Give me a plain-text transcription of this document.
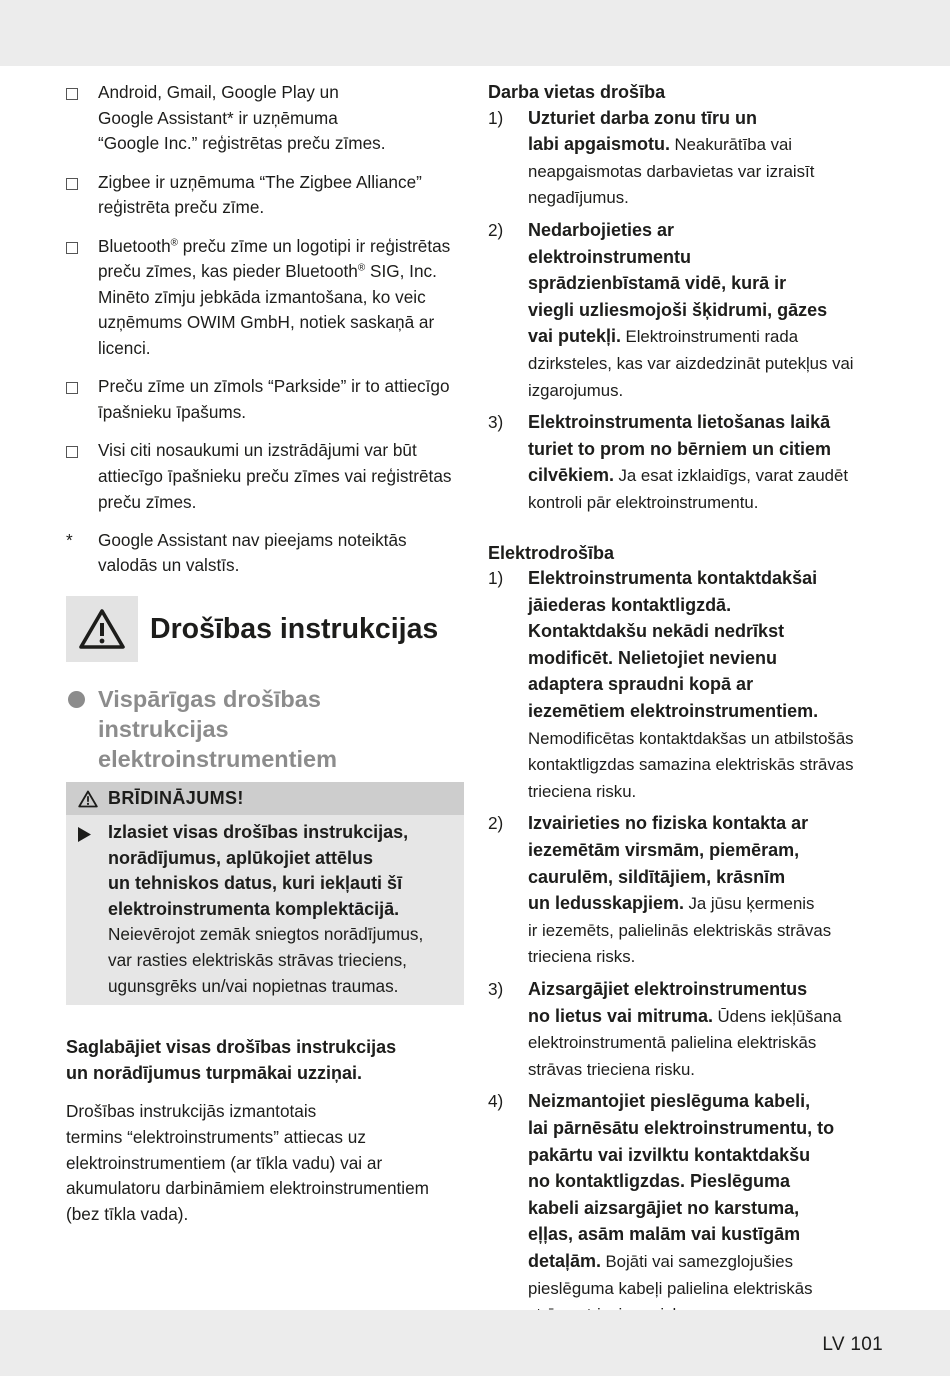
Android, Gmail, Google Play un
Google Assistant* ir uzņēmuma
“Google Inc.” reģistrētas preču zīmes.
Zigbee ir uzņēmuma “The Zigbee Alliance”
reģistrēta preču zīme.
Bluetooth® preču zīme un logotipi ir reģistrētas
preču zīmes, kas pieder Bluetooth® SIG, Inc.
Minēto zīmju jebkāda izmantošana, ko veic
uzņēmums OWIM GmbH, notiek saskaņā ar
licenci.
Preču zīme un zīmols “Parkside” ir to attiecīgo
īpašnieku īpašums.
Visi citi nosaukumi un izstrādājumi var būt
attiecīgo īpašnieku preču zīmes vai reģistrētas
preču zīmes.
*	Google Assistant nav pieejams noteiktās
valodās un valstīs.
Drošības instrukcijas
Vispārīgas drošības
instrukcijas
elektroinstrumentiem
BRĪDINĀJUMS!
Izlasiet visas drošības instrukcijas,
norādījumus, aplūkojiet attēlus
un tehniskos datus, kuri iekļauti šī
elektroinstrumenta komplektācijā.
Neievērojot zemāk sniegtos norādījumus,
var rasties elektriskās strāvas trieciens,
ugunsgrēks un/vai nopietnas traumas.
Saglabājiet visas drošības instrukcijas
un norādījumus turpmākai uzziņai.
Drošības instrukcijās izmantotais
termins “elektroinstruments” attiecas uz
elektroinstrumentiem (ar tīkla vadu) vai ar
akumulatoru darbināmiem elektroinstrumentiem
(bez tīkla vada).
Darba vietas drošība
1) Uzturiet darba zonu tīru un
labi apgaismotu. Neakurātība vai
neapgaismotas darbavietas var izraisīt
negadījumus.
2) Nedarbojieties ar
elektroinstrumentu
sprādzienbīstamā vidē, kurā ir
viegli uzliesmojoši šķidrumi, gāzes
vai putekļi. Elektroinstrumenti rada
dzirksteles, kas var aizdedzināt putekļus vai
izgarojumus.
3) Elektroinstrumenta lietošanas laikā
turiet to prom no bērniem un citiem
cilvēkiem. Ja esat izklaidīgs, varat zaudēt
kontroli pār elektroinstrumentu.
Elektrodrošība
1) Elektroinstrumenta kontaktdakšai
jāiederas kontaktligzdā.
Kontaktdakšu nekādi nedrīkst
modificēt. Nelietojiet nevienu
adaptera spraudni kopā ar
iezemētiem elektroinstrumentiem.
Nemodificētas kontaktdakšas un atbilstošās
kontaktligzdas samazina elektriskās strāvas
trieciena risku.
2) Izvairieties no fiziska kontakta ar
iezemētām virsmām, piemēram,
caurulēm, sildītājiem, krāsnīm
un ledusskapjiem. Ja jūsu ķermenis
ir iezemēts, palielinās elektriskās strāvas
trieciena risks.
3) Aizsargājiet elektroinstrumentus
no lietus vai mitruma. Ūdens iekļūšana
elektroinstrumentā palielina elektriskās
strāvas trieciena risku.
4) Neizmantojiet pieslēguma kabeli,
lai pārnēsātu elektroinstrumentu, to
pakārtu vai izvilktu kontaktdakšu
no kontaktligzdas. Pieslēguma
kabeli aizsargājiet no karstuma,
eļļas, asām malām vai kustīgām
detaļām. Bojāti vai samezglojušies
pieslēguma kabeļi palielina elektriskās

LV 101
